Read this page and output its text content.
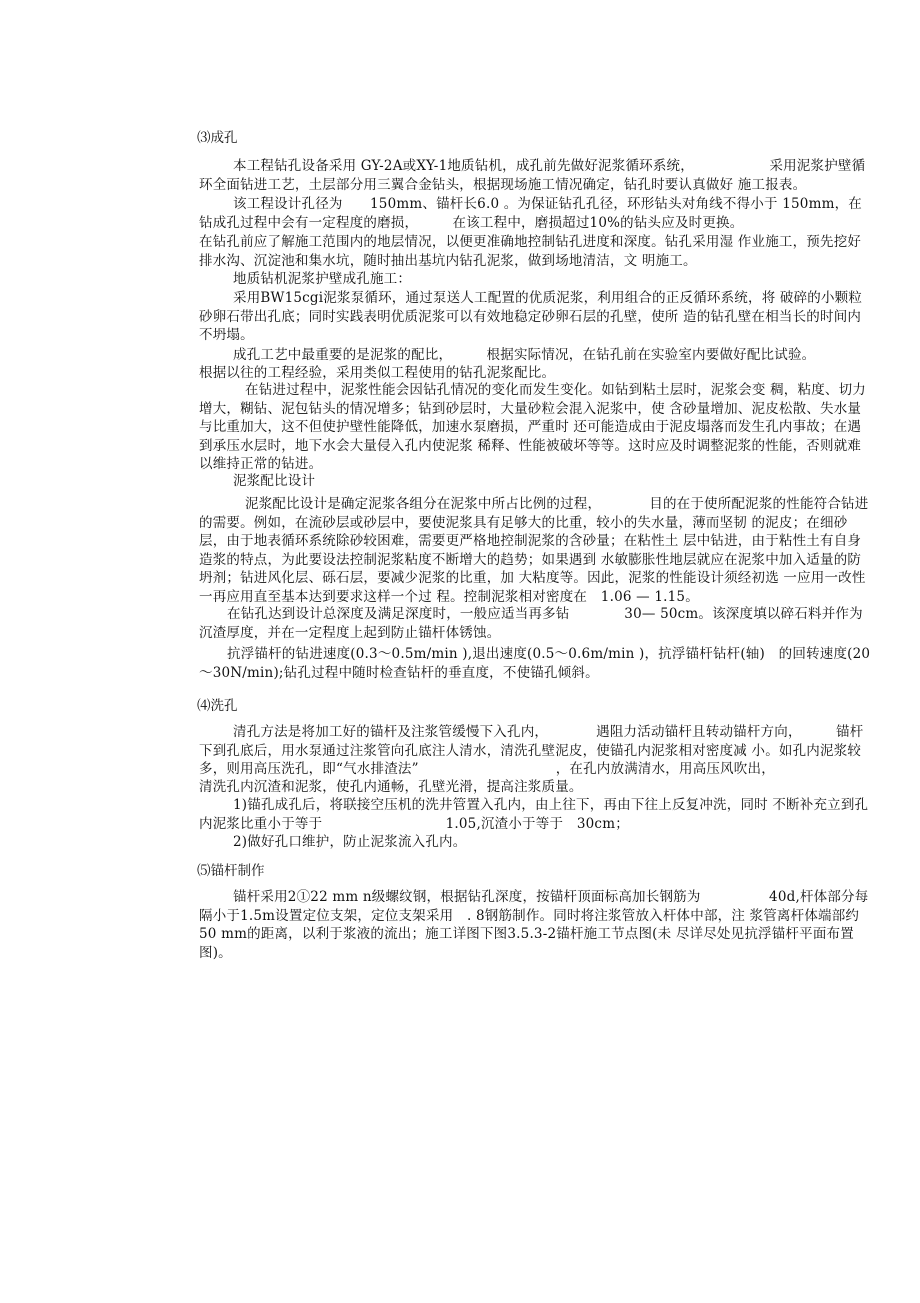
⑶成孔
本工程钻孔设备采用 GY-2A或XY-1地质钻机，成孔前先做好泥浆循环系统，　　　　　　采用泥浆护壁循环全面钻进工艺，土层部分用三翼合金钻头，根据现场施工情况确定，钻孔时要认真做好 施工报表。
该工程设计孔径为　　150mm、锚杆长6.0 。为保证钻孔孔径，环形钻头对角线不得小于 150mm，在钻成孔过程中会有一定程度的磨损，　　　在该工程中，磨损超过10%的钻头应及时更换。
在钻孔前应了解施工范围内的地层情况，以便更准确地控制钻孔进度和深度。钻孔采用湿 作业施工，预先挖好排水沟、沉淀池和集水坑，随时抽出基坑内钻孔泥浆，做到场地清洁，文 明施工。
地质钻机泥浆护壁成孔施工：
采用BW15cgi泥浆泵循环，通过泵送人工配置的优质泥浆，利用组合的正反循环系统，将 破碎的小颗粒砂卵石带出孔底；同时实践表明优质泥浆可以有效地稳定砂卵石层的孔壁，使所 造的钻孔壁在相当长的时间内不坍塌。
成孔工艺中最重要的是泥浆的配比，　　　根据实际情况，在钻孔前在实验室内要做好配比试验。
根据以往的工程经验，采用类似工程使用的钻孔泥浆配比。
在钻进过程中，泥浆性能会因钻孔情况的变化而发生变化。如钻到粘土层时，泥浆会变 稠，粘度、切力增大，糊钻、泥包钻头的情况增多；钻到砂层时，大量砂粒会混入泥浆中，使 含砂量增加、泥皮松散、失水量与比重加大，这不但使护壁性能降低，加速水泵磨损，严重时 还可能造成由于泥皮塌落而发生孔内事故；在遇到承压水层时，地下水会大量侵入孔内使泥浆 稀释、性能被破坏等等。这时应及时调整泥浆的性能，否则就难以维持正常的钻进。
泥浆配比设计
泥浆配比设计是确定泥浆各组分在泥浆中所占比例的过程，　　　　目的在于使所配泥浆的性能符合钻进的需要。例如，在流砂层或砂层中，要使泥浆具有足够大的比重，较小的失水量，薄而坚韧 的泥皮；在细砂层，由于地表循环系统除砂较困难，需要更严格地控制泥浆的含砂量；在粘性土 层中钻进，由于粘性土有自身造浆的特点，为此要设法控制泥浆粘度不断增大的趋势；如果遇到 水敏膨胀性地层就应在泥浆中加入适量的防坍剂；钻进风化层、砾石层，要减少泥浆的比重，加 大粘度等。因此，泥浆的性能设计须经初选 一应用一改性一再应用直至基本达到要求这样一个过 程。控制泥浆相对密度在　1.06 — 1.15。
在钻孔达到设计总深度及满足深度时，一般应适当再多钻　　　　30— 50cm。该深度填以碎石料并作为沉渣厚度，并在一定程度上起到防止锚杆体锈蚀。
抗浮锚杆的钻进速度(0.3～0.5m/min ),退出速度(0.5～0.6m/min )，抗浮锚杆钻杆(轴)　的回转速度(20～30N/min);钻孔过程中随时检查钻杆的垂直度，不使锚孔倾斜。
⑷洗孔
清孔方法是将加工好的锚杆及注浆管缓慢下入孔内，　　　　遇阻力活动锚杆且转动锚杆方向，　　　锚杆下到孔底后，用水泵通过注浆管向孔底注人清水，清洗孔壁泥皮，使锚孔内泥浆相对密度减 小。如孔内泥浆较多，则用高压洗孔，即“气水排渣法”　　　　　　　　　　，在孔内放满清水，用高压风吹出，
清洗孔内沉渣和泥浆，使孔内通畅，孔壁光滑，提高注浆质量。
1)锚孔成孔后，将联接空压机的洗井管置入孔内，由上往下，再由下往上反复冲洗，同时 不断补充立到孔内泥浆比重小于等于　　　　　　　　　1.05,沉渣小于等于　30cm；
2)做好孔口维护，防止泥浆流入孔内。
⑸锚杆制作
锚杆采用2①22 mm n级螺纹钢，根据钻孔深度，按锚杆顶面标高加长钢筋为　　　　　40d,杆体部分每隔小于1.5m设置定位支架，定位支架采用　. 8钢筋制作。同时将注浆管放入杆体中部，注 浆管离杆体端部约 50 mm的距离，以利于浆液的流出；施工详图下图3.5.3-2锚杆施工节点图(未 尽详尽处见抗浮锚杆平面布置图)。
